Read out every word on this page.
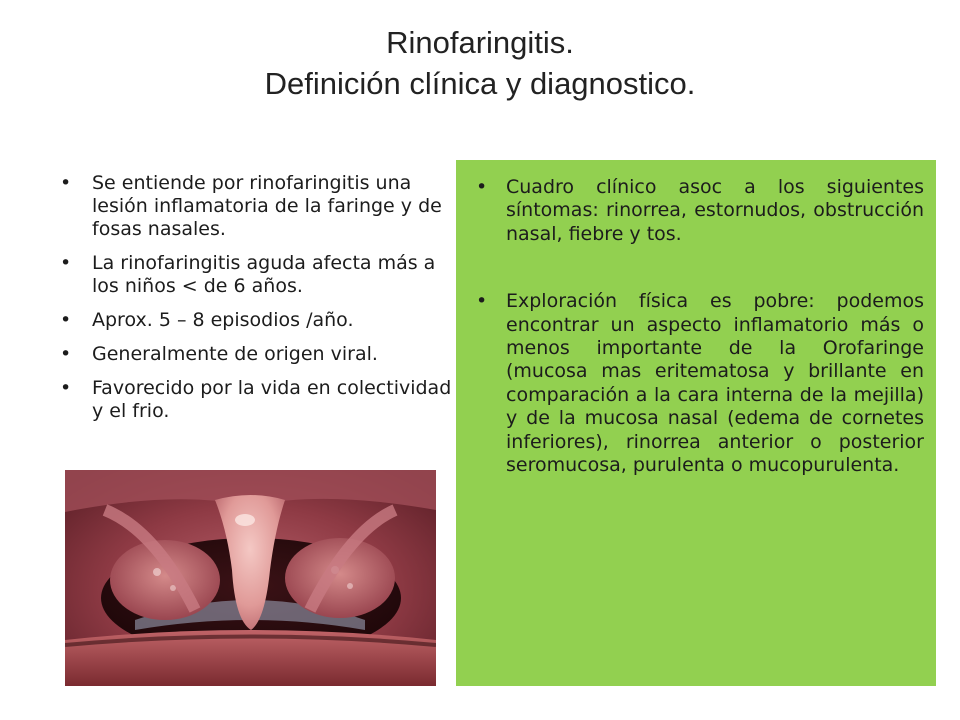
Rinofaringitis.
Definición clínica y diagnostico.
• Se entiende por rinofaringitis una lesión inflamatoria de la faringe y de fosas nasales.
• La rinofaringitis aguda afecta más a los niños < de 6 años.
• Aprox. 5 – 8 episodios /año.
• Generalmente de origen viral.
• Favorecido por la vida en colectividad y el frio.
• Cuadro clínico asoc a los siguientes síntomas: rinorrea, estornudos, obstrucción nasal, fiebre y tos.
• Exploración física es pobre: podemos encontrar un aspecto inflamatorio más o menos importante de la Orofaringe (mucosa mas eritematosa y brillante en comparación a la cara interna de la mejilla) y de la mucosa nasal (edema de cornetes inferiores), rinorrea anterior o posterior seromucosa, purulenta o mucopurulenta.
